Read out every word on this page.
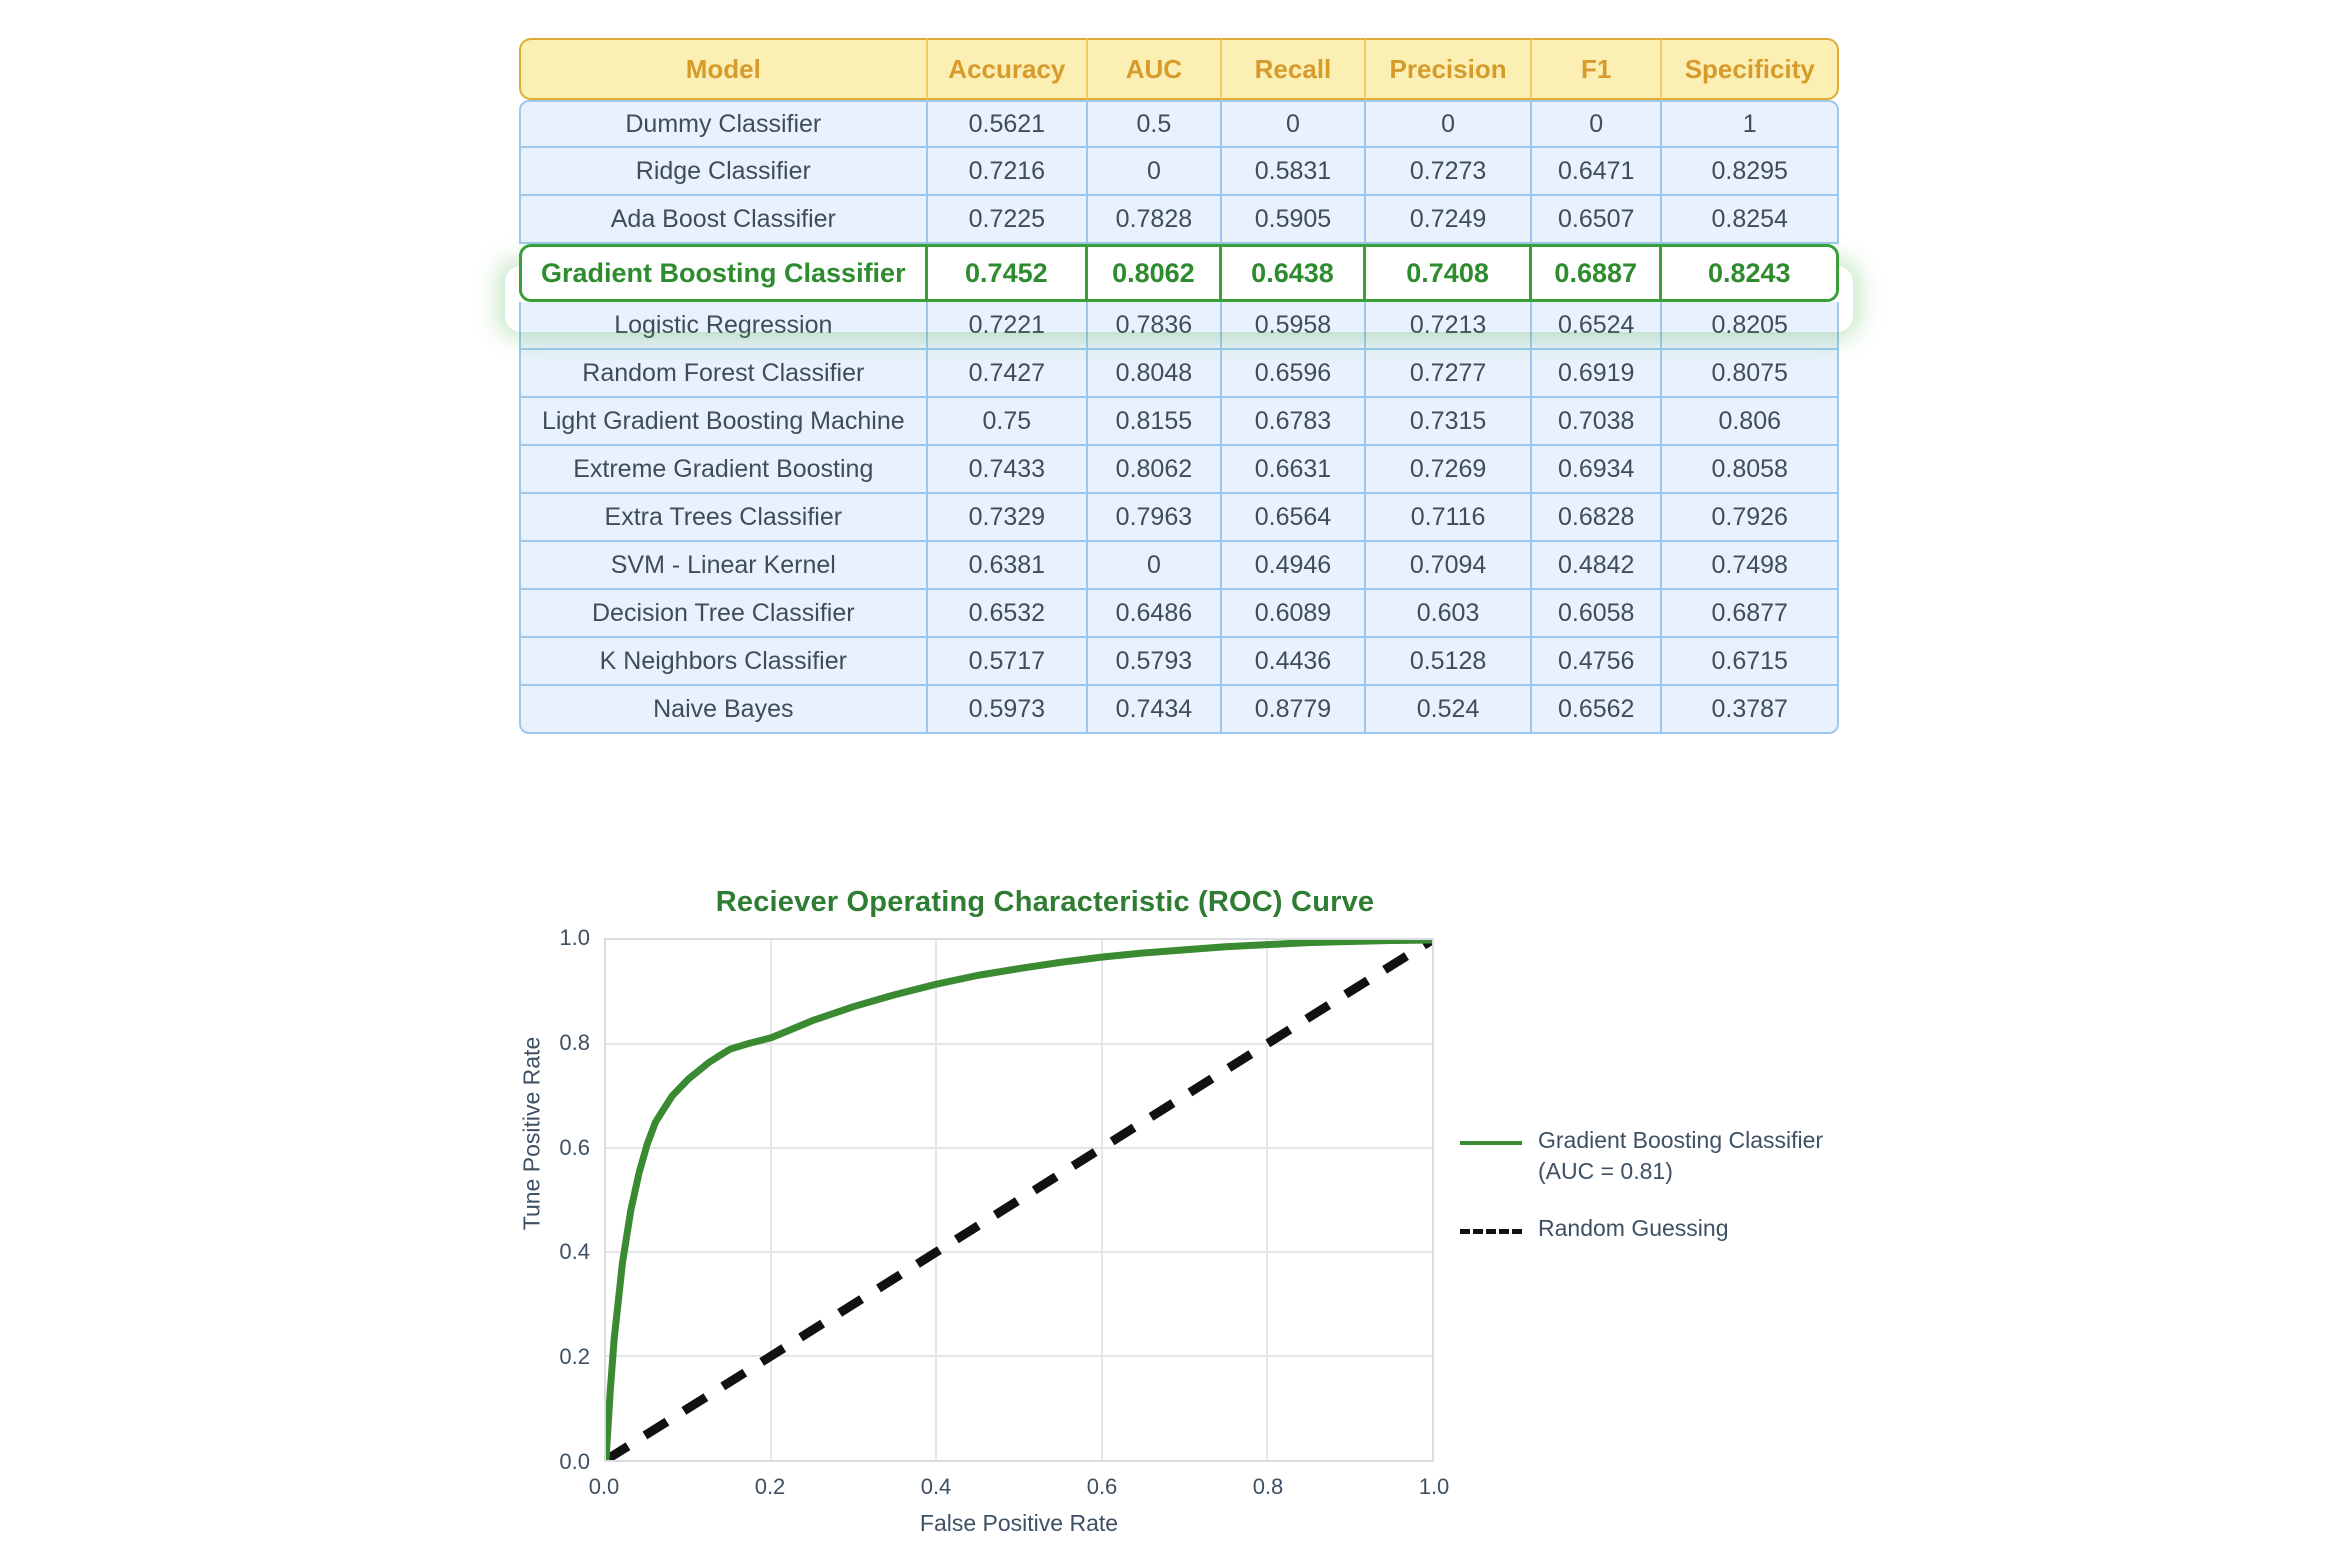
Model	Accuracy	AUC	Recall	Precision	F1	Specificity
Dummy Classifier	0.5621	0.5	0	0	0	1
Ridge Classifier	0.7216	0	0.5831	0.7273	0.6471	0.8295
Ada Boost Classifier	0.7225	0.7828	0.5905	0.7249	0.6507	0.8254
Gradient Boosting Classifier	0.7452	0.8062	0.6438	0.7408	0.6887	0.8243
Logistic Regression	0.7221	0.7836	0.5958	0.7213	0.6524	0.8205
Random Forest Classifier	0.7427	0.8048	0.6596	0.7277	0.6919	0.8075
Light Gradient Boosting Machine	0.75	0.8155	0.6783	0.7315	0.7038	0.806
Extreme Gradient Boosting	0.7433	0.8062	0.6631	0.7269	0.6934	0.8058
Extra Trees Classifier	0.7329	0.7963	0.6564	0.7116	0.6828	0.7926
SVM - Linear Kernel	0.6381	0	0.4946	0.7094	0.4842	0.7498
Decision Tree Classifier	0.6532	0.6486	0.6089	0.603	0.6058	0.6877
K Neighbors Classifier	0.5717	0.5793	0.4436	0.5128	0.4756	0.6715
Naive Bayes	0.5973	0.7434	0.8779	0.524	0.6562	0.3787
Reciever Operating Characteristic (ROC) Curve
0.0	0.2	0.4	0.6	0.8	1.0
0.0
0.2
0.4
0.6
0.8
1.0
False Positive Rate
Tune Positive Rate	Gradient Boosting Classifier
(AUC = 0.81)
Random Guessing
